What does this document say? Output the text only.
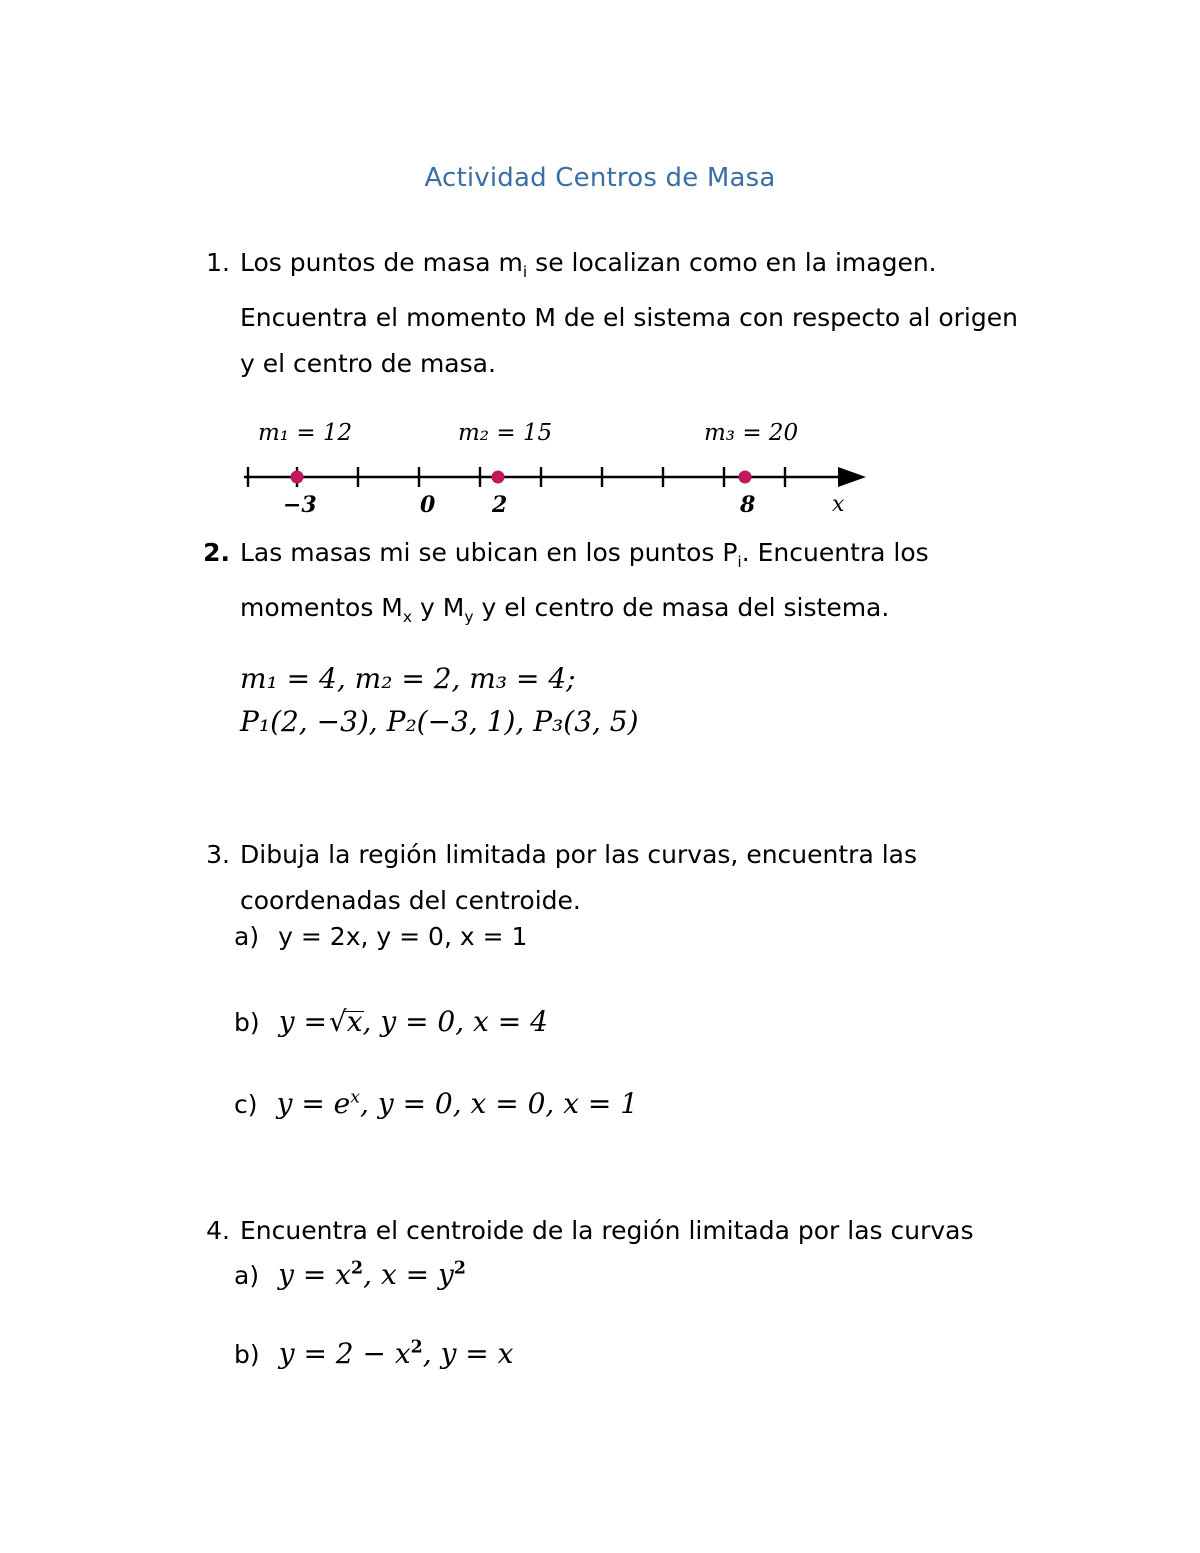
Actividad Centros de Masa
1. Los puntos de masa $m_i$ se localizan como en la imagen.

Encuentra el momento M de el sistema con respecto al origen

y el centro de masa.

m₁ = 12	m₂ = 15	m₃ = 20
−3	0	2	8	x
2. Las masas mi se ubican en los puntos $P_i$. Encuentra los

momentos $M_x$ y $M_y$ y el centro de masa del sistema.

m₁ = 4, m₂ = 2, m₃ = 4;
P₁(2, −3), P₂(−3, 1), P₃(3, 5)
3. Dibuja la región limitada por las curvas, encuentra las

coordenadas del centroide.

a) y = 2x, y = 0, x = 1
b) y =√x
, y = 0, x = 4
c) $y = e^x$, y = 0, x = 0, x = 1
4. Encuentra el centroide de la región limitada por las curvas

a) $y = x^2$, $x = y^2$
b) $y = 2 - x^2$, y = x
